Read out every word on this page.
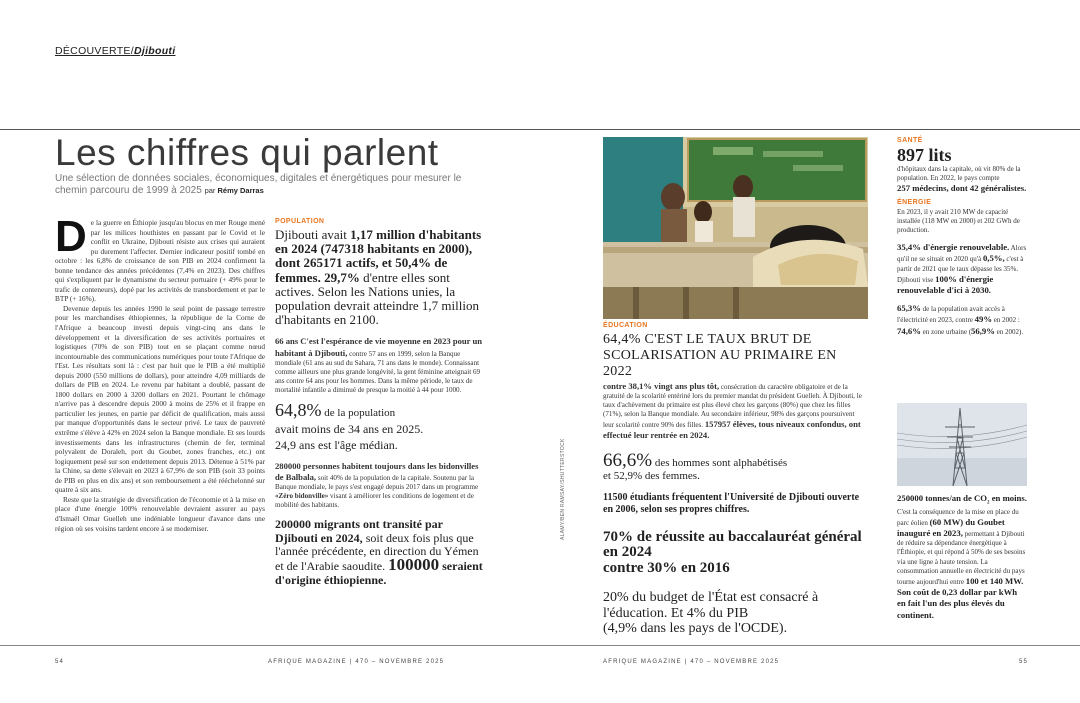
DÉCOUVERTE/Djibouti
Les chiffres qui parlent
Une sélection de données sociales, économiques, digitales et énergétiques pour mesurer le chemin parcouru de 1999 à 2025 par Rémy Darras

De la guerre en Éthiopie jusqu'au blocus en mer Rouge mené par les milices houthistes en passant par le Covid et le conflit en Ukraine, Djibouti résiste aux crises qui auraient pu durement l'affecter. Dernier indicateur positif tombé en octobre : les 6,8% de croissance de son PIB en 2024 confirment la bonne tendance des années précédentes (7,4% en 2023). Des chiffres qui s'expliquent par le dynamisme du secteur portuaire (+ 49% pour le trafic de conteneurs), dopé par les activités de transbordement et par le BTP (+ 16%).

Devenue depuis les années 1990 le seul point de passage terrestre pour les marchandises éthiopiennes, la république de la Corne de l'Afrique a beaucoup investi depuis vingt-cinq ans dans le développement et la diversification de ses activités portuaires et logistiques (70% de son PIB) tout en se plaçant comme nœud incontournable des communications numériques pour toute l'Afrique de l'Est. Les résultats sont là : c'est par huit que le PIB a été multiplié depuis 2000 (550 millions de dollars), pour atteindre 4,09 milliards de dollars de PIB en 2024. Le revenu par habitant a doublé, passant de 1800 dollars en 2000 à 3200 dollars en 2021. Pourtant le chômage n'arrive pas à descendre depuis 2000 à moins de 25% et il frappe en particulier les jeunes, en partie par déficit de qualification, mais aussi par manque d'opportunités dans le secteur privé. Le taux de pauvreté extrême s'élève à 42% en 2024 selon la Banque mondiale. Et ses lourds investissements dans les infrastructures (chemin de fer, terminal polyvalent de Doraleh, port du Goubet, zones franches, etc.) ont logiquement pesé sur son endettement depuis 2013. Détenue à 51% par la Chine, sa dette s'élevait en 2023 à 67,9% de son PIB (soit 33 points de PIB en plus en dix ans) et son remboursement a été rééchelonné sur quatre à six ans.

Reste que la stratégie de diversification de l'économie et à la mise en place d'une énergie 100% renouvelable devraient assurer au pays d'Ismaël Omar Guelleh une indéniable longueur d'avance dans une région où ses voisins tardent encore à se moderniser.

POPULATION
Djibouti avait 1,17 million d'habitants en 2024 (747318 habitants en 2000), dont 265171 actifs, et 50,4% de femmes. 29,7% d'entre elles sont actives. Selon les Nations unies, la population devrait atteindre 1,7 million d'habitants en 2100.
66 ans C'est l'espérance de vie moyenne en 2023 pour un habitant à Djibouti, contre 57 ans en 1999, selon la Banque mondiale (61 ans au sud du Sahara, 71 ans dans le monde). Connaissant comme ailleurs une plus grande longévité, la gent féminine atteignait 69 ans contre 64 ans pour les hommes. Dans la même période, le taux de mortalité infantile a diminué de presque la moitié à 44 pour 1000.
64,8% de la population
avait moins de 34 ans en 2025.
24,9 ans est l'âge médian.
280000 personnes habitent toujours dans les bidonvilles de Balbala, soit 40% de la population de la capitale. Soutenu par la Banque mondiale, le pays s'est engagé depuis 2017 dans un programme «Zéro bidonville» visant à améliorer les conditions de logement et de mobilité des habitants.
200000 migrants ont transité par Djibouti en 2024, soit deux fois plus que l'année précédente, en direction du Yémen et de l'Arabie saoudite. 100000 seraient d'origine éthiopienne.
ALAMY/BEN RAMSAY/SHUTTERSTOCK
ÉDUCATION
64,4% C'EST LE TAUX BRUT DE SCOLARISATION AU PRIMAIRE EN 2022
contre 38,1% vingt ans plus tôt, consécration du caractère obligatoire et de la gratuité de la scolarité entériné lors du premier mandat du président Guelleh. À Djibouti, le taux d'achèvement du primaire est plus élevé chez les garçons (80%) que chez les filles (71%), selon la Banque mondiale. Au secondaire inférieur, 98% des garçons poursuivent leur scolarité contre 90% des filles. 157957 élèves, tous niveaux confondus, ont effectué leur rentrée en 2024.
66,6% des hommes sont alphabétisés
et 52,9% des femmes.
11500 étudiants fréquentent l'Université de Djibouti ouverte en 2006, selon ses propres chiffres.
70% de réussite au baccalauréat général en 2024
contre 30% en 2016
20% du budget de l'État est consacré à l'éducation. Et 4% du PIB
(4,9% dans les pays de l'OCDE).
SANTÉ
897 lits
d'hôpitaux dans la capitale, où vit 80% de la population. En 2022, le pays compte
257 médecins, dont 42 généralistes.
ÉNERGIE
En 2023, il y avait 210 MW de capacité installée (118 MW en 2000) et 202 GWh de production.
35,4% d'énergie renouvelable. Alors qu'il ne se situait en 2020 qu'à 0,5%, c'est à partir de 2021 que le taux dépasse les 35%. Djibouti vise 100% d'énergie renouvelable d'ici à 2030.
65,3% de la population avait accès à l'électricité en 2023, contre 49% en 2002 : 74,6% en zone urbaine (56,9% en 2002).
250000 tonnes/an de $CO_2$ en moins. C'est la conséquence de la mise en place du parc éolien (60 MW) du Goubet inauguré en 2023, permettant à Djibouti de réduire sa dépendance énergétique à l'Éthiopie, et qui répond à 50% de ses besoins via une ligne à haute tension. La consommation annuelle en électricité du pays tourne aujourd'hui entre 100 et 140 MW.
Son coût de 0,23 dollar par kWh en fait l'un des plus élevés du continent.
54	AFRIQUE MAGAZINE | 470 – NOVEMBRE 2025	AFRIQUE MAGAZINE | 470 – NOVEMBRE 2025	55
